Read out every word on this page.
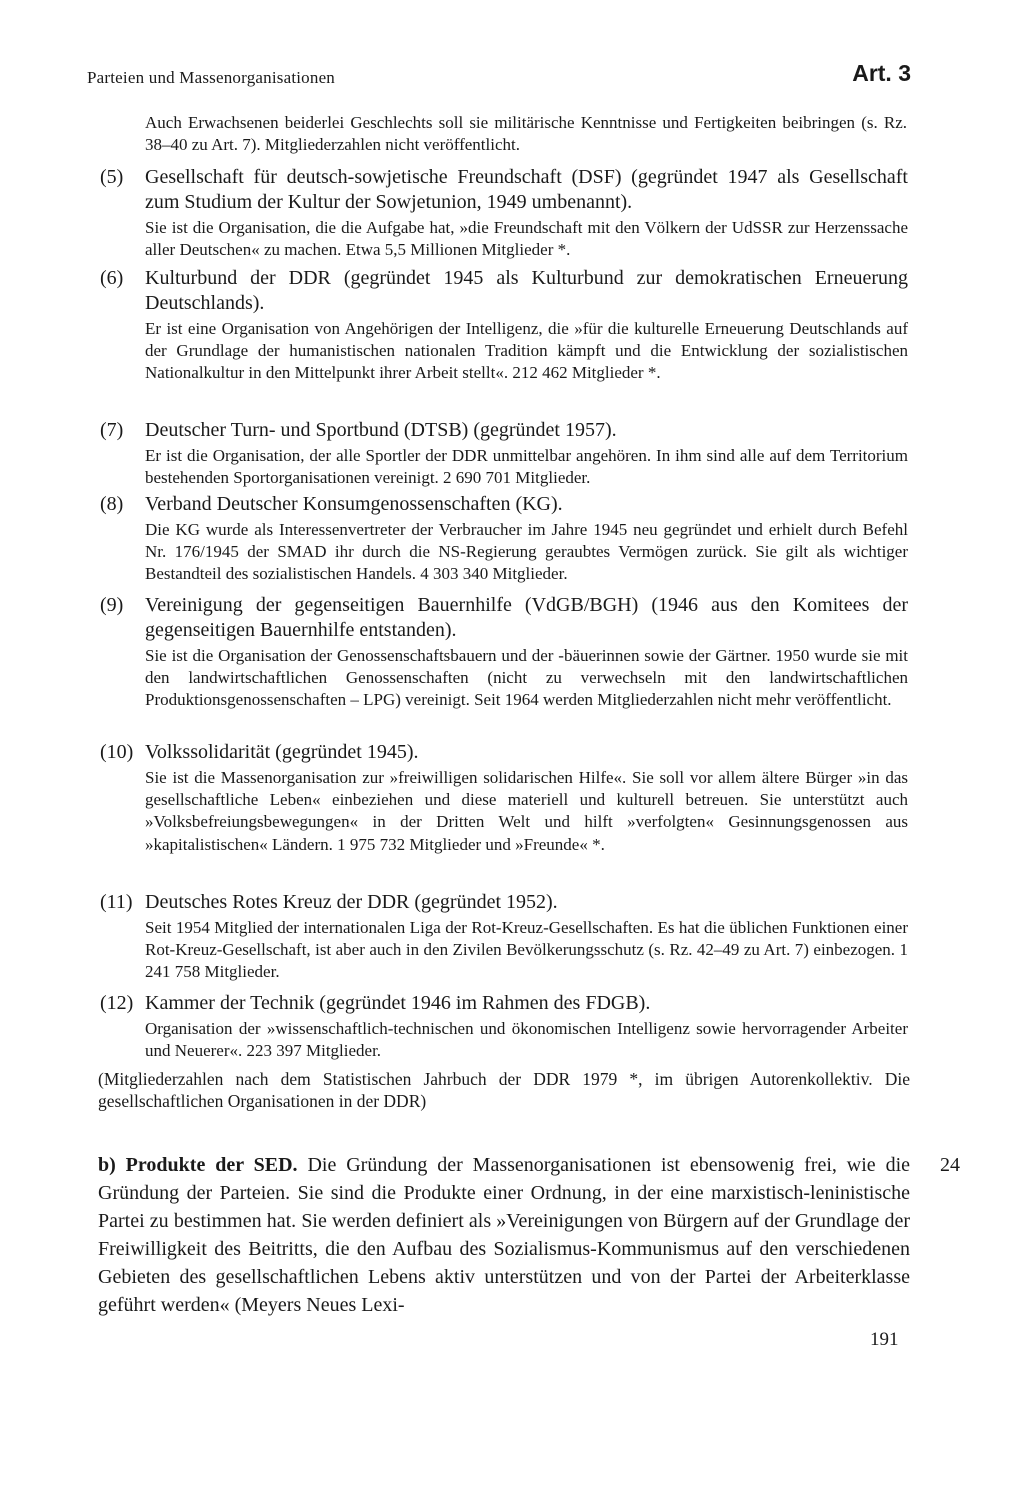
Parteien und Massenorganisationen	Art. 3
Auch Erwachsenen beiderlei Geschlechts soll sie militärische Kenntnisse und Fertigkeiten beibringen (s. Rz. 38–40 zu Art. 7). Mitgliederzahlen nicht veröffentlicht.
(5) Gesellschaft für deutsch-sowjetische Freundschaft (DSF) (gegründet 1947 als Gesellschaft zum Studium der Kultur der Sowjetunion, 1949 umbenannt).
Sie ist die Organisation, die die Aufgabe hat, »die Freundschaft mit den Völkern der UdSSR zur Herzenssache aller Deutschen« zu machen. Etwa 5,5 Millionen Mitglieder *.
(6) Kulturbund der DDR (gegründet 1945 als Kulturbund zur demokratischen Erneuerung Deutschlands).
Er ist eine Organisation von Angehörigen der Intelligenz, die »für die kulturelle Erneuerung Deutschlands auf der Grundlage der humanistischen nationalen Tradition kämpft und die Entwicklung der sozialistischen Nationalkultur in den Mittelpunkt ihrer Arbeit stellt«. 212 462 Mitglieder *.
(7) Deutscher Turn- und Sportbund (DTSB) (gegründet 1957).
Er ist die Organisation, der alle Sportler der DDR unmittelbar angehören. In ihm sind alle auf dem Territorium bestehenden Sportorganisationen vereinigt. 2 690 701 Mitglieder.
(8) Verband Deutscher Konsumgenossenschaften (KG).
Die KG wurde als Interessenvertreter der Verbraucher im Jahre 1945 neu gegründet und erhielt durch Befehl Nr. 176/1945 der SMAD ihr durch die NS-Regierung geraubtes Vermögen zurück. Sie gilt als wichtiger Bestandteil des sozialistischen Handels. 4 303 340 Mitglieder.
(9) Vereinigung der gegenseitigen Bauernhilfe (VdGB/BGH) (1946 aus den Komitees der gegenseitigen Bauernhilfe entstanden).
Sie ist die Organisation der Genossenschaftsbauern und der -bäuerinnen sowie der Gärtner. 1950 wurde sie mit den landwirtschaftlichen Genossenschaften (nicht zu verwechseln mit den landwirtschaftlichen Produktionsgenossenschaften – LPG) vereinigt. Seit 1964 werden Mitgliederzahlen nicht mehr veröffentlicht.
(10) Volkssolidarität (gegründet 1945).
Sie ist die Massenorganisation zur »freiwilligen solidarischen Hilfe«. Sie soll vor allem ältere Bürger »in das gesellschaftliche Leben« einbeziehen und diese materiell und kulturell betreuen. Sie unterstützt auch »Volksbefreiungsbewegungen« in der Dritten Welt und hilft »verfolgten« Gesinnungsgenossen aus »kapitalistischen« Ländern. 1 975 732 Mitglieder und »Freunde« *.
(11) Deutsches Rotes Kreuz der DDR (gegründet 1952).
Seit 1954 Mitglied der internationalen Liga der Rot-Kreuz-Gesellschaften. Es hat die üblichen Funktionen einer Rot-Kreuz-Gesellschaft, ist aber auch in den Zivilen Bevölkerungsschutz (s. Rz. 42–49 zu Art. 7) einbezogen. 1 241 758 Mitglieder.
(12) Kammer der Technik (gegründet 1946 im Rahmen des FDGB).
Organisation der »wissenschaftlich-technischen und ökonomischen Intelligenz sowie hervorragender Arbeiter und Neuerer«. 223 397 Mitglieder.
(Mitgliederzahlen nach dem Statistischen Jahrbuch der DDR 1979 *, im übrigen Autorenkollektiv. Die gesellschaftlichen Organisationen in der DDR)
b) Produkte der SED. Die Gründung der Massenorganisationen ist ebensowenig frei, wie die Gründung der Parteien. Sie sind die Produkte einer Ordnung, in der eine marxistisch-leninistische Partei zu bestimmen hat. Sie werden definiert als »Vereinigungen von Bürgern auf der Grundlage der Freiwilligkeit des Beitritts, die den Aufbau des Sozialismus-Kommunismus auf den verschiedenen Gebieten des gesellschaftlichen Lebens aktiv unterstützen und von der Partei der Arbeiterklasse geführt werden« (Meyers Neues Lexi-
24
191
